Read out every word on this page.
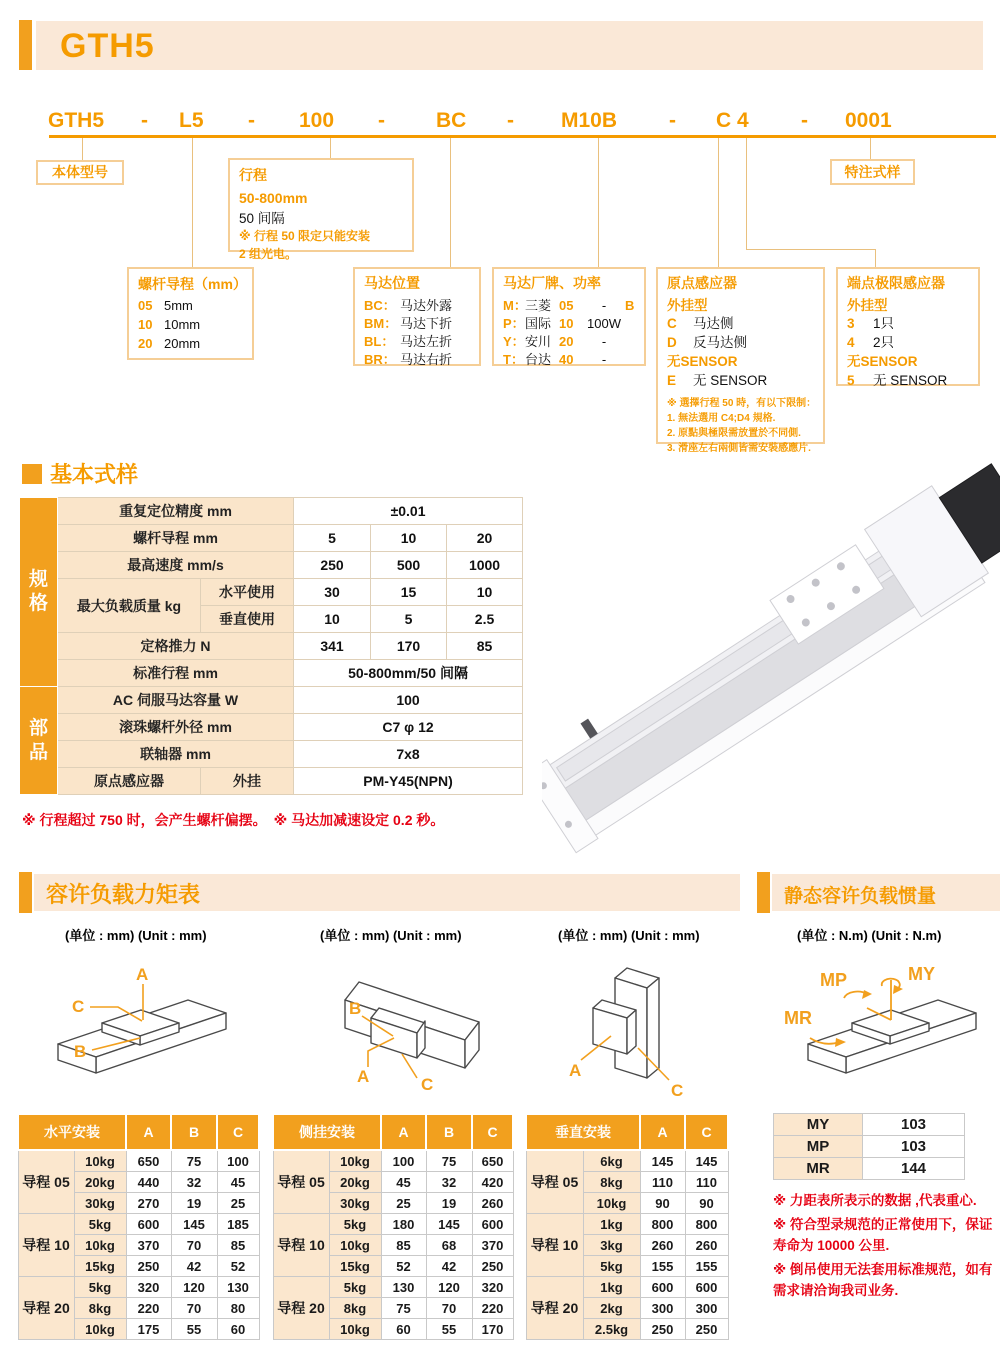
GTH5
GTH5 - L5 - 100 - BC - M10B - C 4 - 0001
本体型号	行程
50-800mm
50 间隔
※ 行程 50 限定只能安装
2 组光电。
特注式样
螺杆导程（mm）
05 5mm
10 10mm
20 20mm
马达位置
BC： 马达外露
BM： 马达下折
BL： 马达左折
BR： 马达右折
马达厂牌、功率
M：三菱 05 - B
P：国际 10 100W
Y：安川 20 -
T：台达 40 -
原点感应器
外挂型
C 马达侧
D 反马达侧
无SENSOR
E 无 SENSOR
※ 選擇行程 50 時，有以下限制：
1. 無法選用 C4;D4 規格.
2. 原點與極限需放置於不同側.
3. 滑座左右兩側皆需安裝感應片.
端点极限感应器
外挂型
3 1只
4 2只
无SENSOR
5 无 SENSOR
基本式样
规格	重复定位精度 mm		±0.01		
	螺杆导程 mm		5	10	20
	最高速度 mm/s		250	500	1000
	最大负载质量 kg	水平使用	30	15	10
		垂直使用	10	5	2.5
	定格推力 N		341	170	85
	标准行程 mm		50-800mm/50 间隔		

部品	AC 伺服马达容量 W		100		
	滚珠螺杆外径 mm		C7 φ 12		
	联轴器 mm		7x8		
	原点感应器	外挂	PM-Y45(NPN)		
※ 行程超过 750 时，会产生螺杆偏摆。　※ 马达加减速设定 0.2 秒。
容许负载力矩表	静态容许负载惯量
(单位 : mm) (Unit : mm)	(单位 : mm) (Unit : mm)	(单位 : mm) (Unit : mm)	(单位 : N.m) (Unit : N.m)
A
C
B
B
A	C
A
C
MP	MY
MR
水平安装		A	B	C
导程 05	10kg	650	75	100
	20kg	440	32	45
	30kg	270	19	25
导程 10	5kg	600	145	185
	10kg	370	70	85
	15kg	250	42	52
导程 20	5kg	320	120	130
	8kg	220	70	80
	10kg	175	55	60
侧挂安装		A	B	C
导程 05	10kg	100	75	650
	20kg	45	32	420
	30kg	25	19	260
导程 10	5kg	180	145	600
	10kg	85	68	370
	15kg	52	42	250
导程 20	5kg	130	120	320
	8kg	75	70	220
	10kg	60	55	170
垂直安装		A	C
导程 05	6kg	145	145
	8kg	110	110
	10kg	90	90
导程 10	1kg	800	800
	3kg	260	260
	5kg	155	155
导程 20	1kg	600	600
	2kg	300	300
	2.5kg	250	250
MY	103
MP	103
MR	144

※ 力距表所表示的数据 ,代表重心.

※ 符合型录规范的正常使用下，保证寿命为 10000 公里.

※ 倒吊使用无法套用标准规范，如有需求请洽询我司业务.
